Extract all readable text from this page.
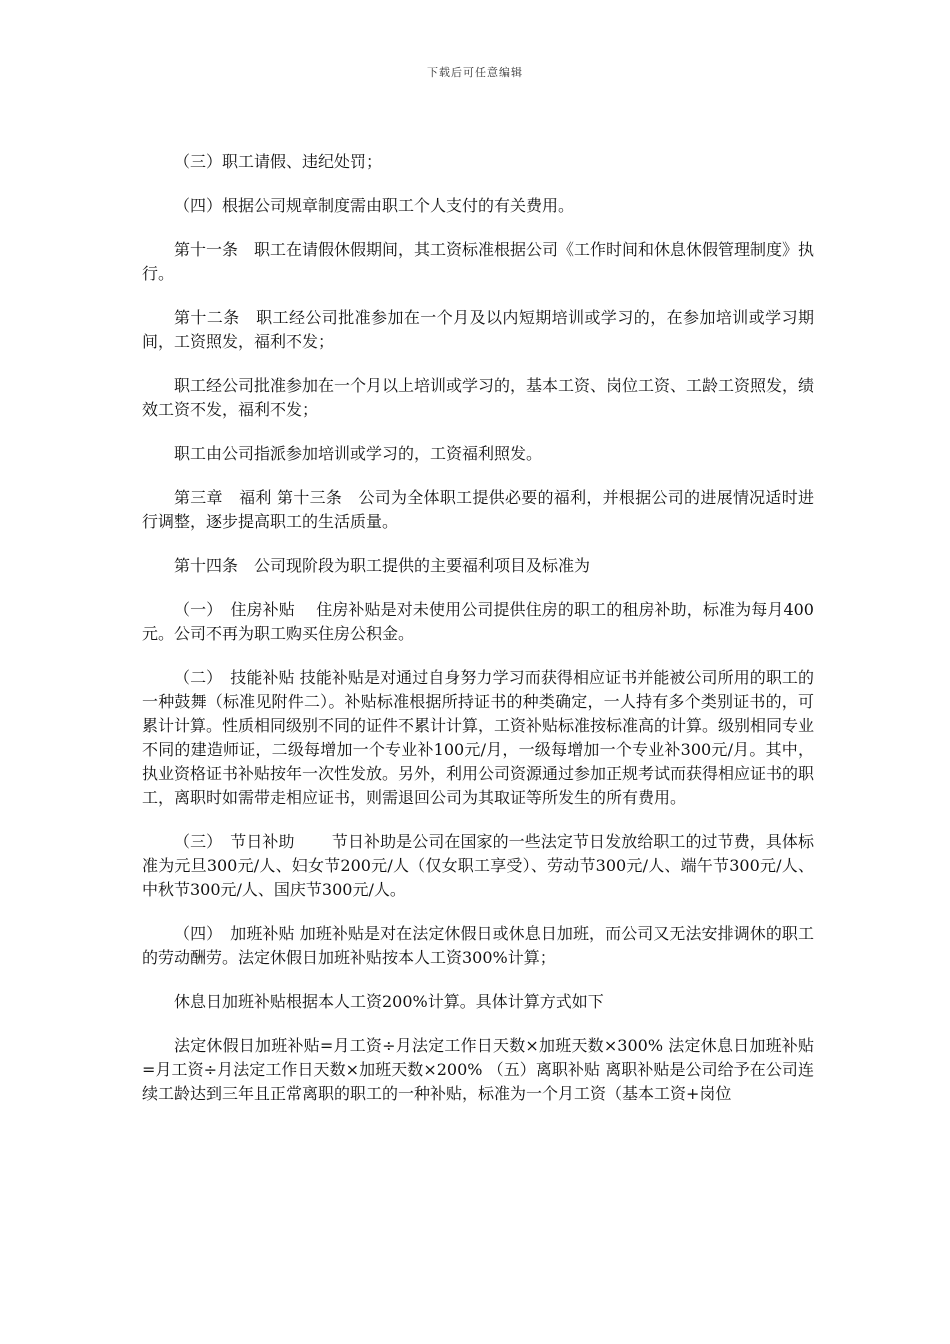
下载后可任意编辑

（三）职工请假、违纪处罚；

（四）根据公司规章制度需由职工个人支付的有关费用。

第十一条　职工在请假休假期间，其工资标准根据公司《工作时间和休息休假管理制度》执行。

第十二条　职工经公司批准参加在一个月及以内短期培训或学习的，在参加培训或学习期间，工资照发，福利不发；

职工经公司批准参加在一个月以上培训或学习的，基本工资、岗位工资、工龄工资照发，绩效工资不发，福利不发；

职工由公司指派参加培训或学习的，工资福利照发。

第三章　福利 第十三条　公司为全体职工提供必要的福利，并根据公司的进展情况适时进行调整，逐步提高职工的生活质量。

第十四条　公司现阶段为职工提供的主要福利项目及标准为

（一）　住房补贴　 住房补贴是对未使用公司提供住房的职工的租房补助，标准为每月400元。公司不再为职工购买住房公积金。

（二）　技能补贴 技能补贴是对通过自身努力学习而获得相应证书并能被公司所用的职工的一种鼓舞（标准见附件二）。补贴标准根据所持证书的种类确定，一人持有多个类别证书的，可累计计算。性质相同级别不同的证件不累计计算，工资补贴标准按标准高的计算。级别相同专业不同的建造师证，二级每增加一个专业补100元/月，一级每增加一个专业补300元/月。其中，执业资格证书补贴按年一次性发放。另外，利用公司资源通过参加正规考试而获得相应证书的职工，离职时如需带走相应证书，则需退回公司为其取证等所发生的所有费用。

（三）　节日补助　　 节日补助是公司在国家的一些法定节日发放给职工的过节费，具体标准为元旦300元/人、妇女节200元/人（仅女职工享受）、劳动节300元/人、端午节300元/人、中秋节300元/人、国庆节300元/人。

（四）　加班补贴 加班补贴是对在法定休假日或休息日加班，而公司又无法安排调休的职工的劳动酬劳。法定休假日加班补贴按本人工资300%计算；

休息日加班补贴根据本人工资200%计算。具体计算方式如下

法定休假日加班补贴=月工资÷月法定工作日天数×加班天数×300% 法定休息日加班补贴=月工资÷月法定工作日天数×加班天数×200% （五）离职补贴 离职补贴是公司给予在公司连续工龄达到三年且正常离职的职工的一种补贴，标准为一个月工资（基本工资+岗位
